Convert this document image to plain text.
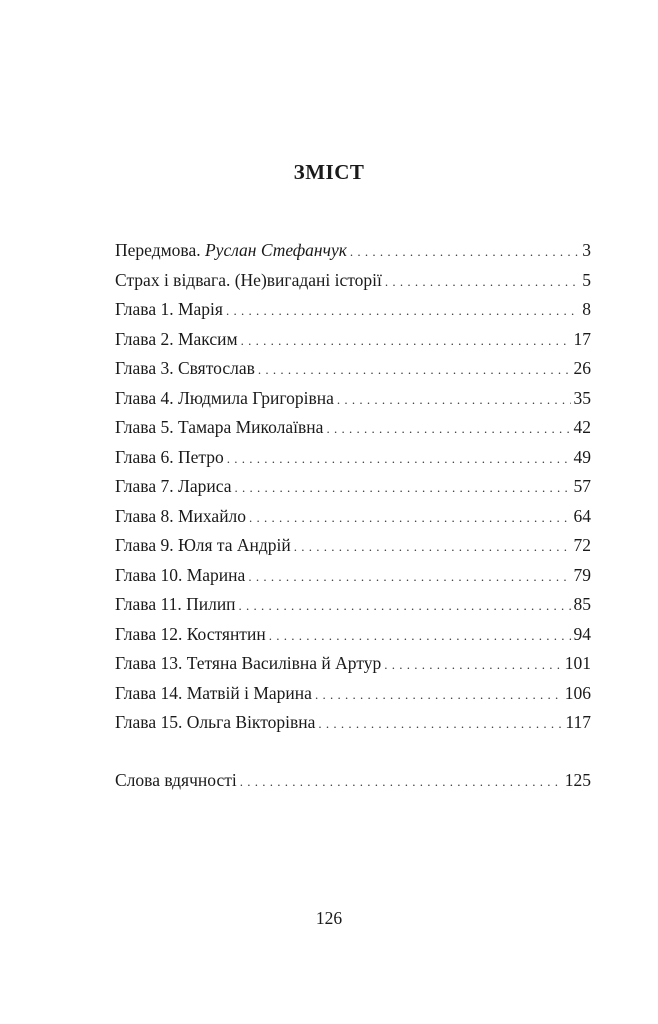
ЗМІСТ
Передмова. Руслан Стефанчук . . .	3
Страх і відвага. (Не)вигадані історії . . .	5
Глава 1. Марія . . .	8
Глава 2. Максим . . .	17
Глава 3. Святослав . . .	26
Глава 4. Людмила Григорівна . . .	35
Глава 5. Тамара Миколаївна . . .	42
Глава 6. Петро . . .	49
Глава 7. Лариса . . .	57
Глава 8. Михайло . . .	64
Глава 9. Юля та Андрій . . .	72
Глава 10. Марина . . .	79
Глава 11. Пилип . . .	85
Глава 12. Костянтин . . .	94
Глава 13. Тетяна Василівна й Артур . . .	101
Глава 14. Матвій і Марина . . .	106
Глава 15. Ольга Вікторівна . . .	117
Слова вдячності . . .	125
126
